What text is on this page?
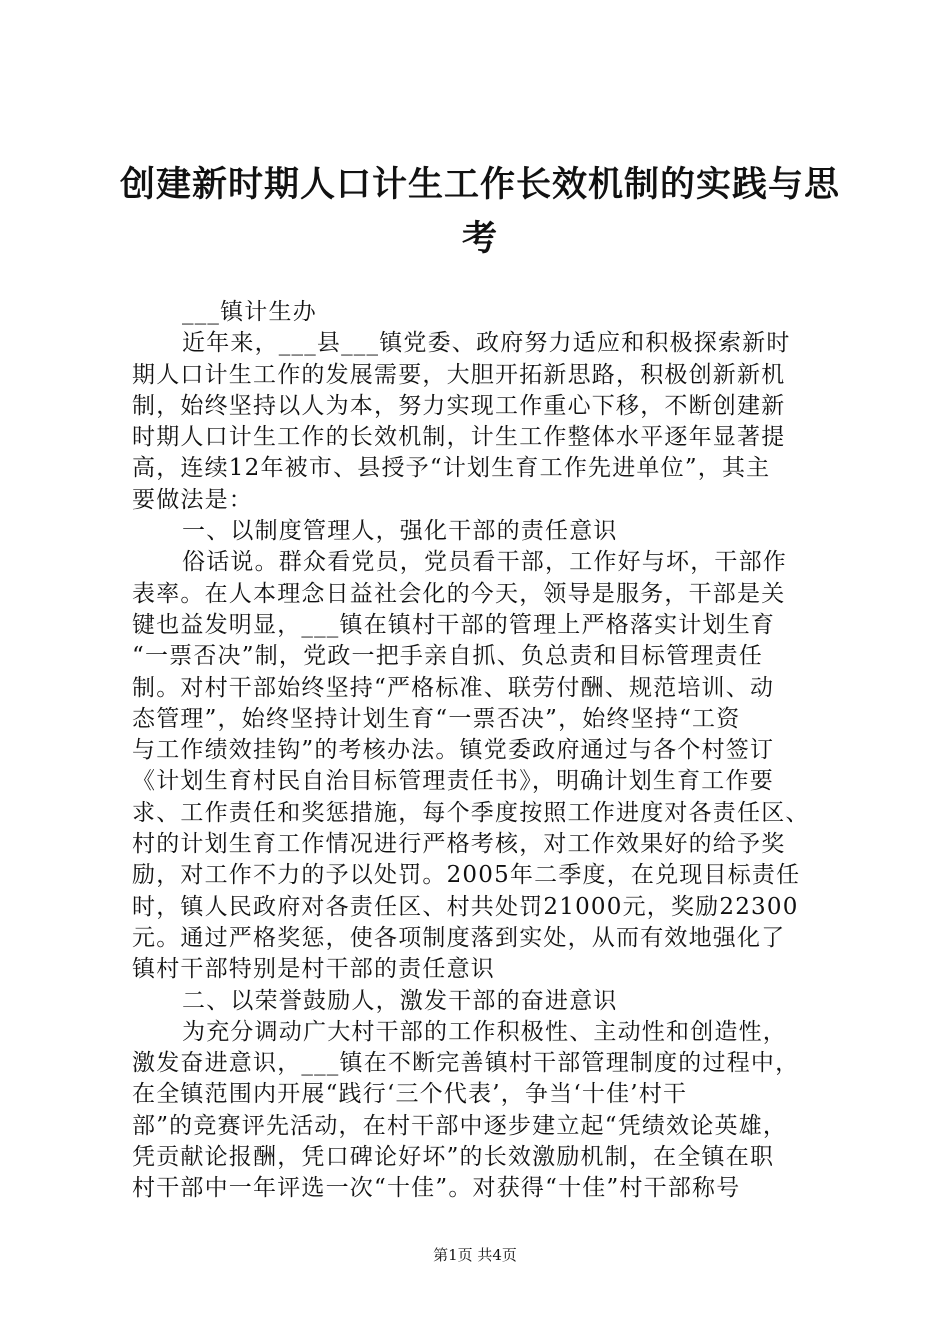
创建新时期人口计生工作长效机制的实践与思
考
___镇计生办
近年来，___县___镇党委、政府努力适应和积极探索新时
期人口计生工作的发展需要，大胆开拓新思路，积极创新新机
制，始终坚持以人为本，努力实现工作重心下移，不断创建新
时期人口计生工作的长效机制，计生工作整体水平逐年显著提
高，连续12年被市、县授予“计划生育工作先进单位”，其主
要做法是：
一、以制度管理人，强化干部的责任意识
俗话说。群众看党员，党员看干部，工作好与坏，干部作
表率。在人本理念日益社会化的今天，领导是服务，干部是关
键也益发明显，___镇在镇村干部的管理上严格落实计划生育
“一票否决”制，党政一把手亲自抓、负总责和目标管理责任
制。对村干部始终坚持“严格标准、联劳付酬、规范培训、动
态管理”，始终坚持计划生育“一票否决”，始终坚持“工资
与工作绩效挂钩”的考核办法。镇党委政府通过与各个村签订
《计划生育村民自治目标管理责任书》，明确计划生育工作要
求、工作责任和奖惩措施，每个季度按照工作进度对各责任区、
村的计划生育工作情况进行严格考核，对工作效果好的给予奖
励，对工作不力的予以处罚。2005年二季度，在兑现目标责任
时，镇人民政府对各责任区、村共处罚21000元，奖励22300
元。通过严格奖惩，使各项制度落到实处，从而有效地强化了
镇村干部特别是村干部的责任意识
二、以荣誉鼓励人，激发干部的奋进意识
为充分调动广大村干部的工作积极性、主动性和创造性，
激发奋进意识，___镇在不断完善镇村干部管理制度的过程中，
在全镇范围内开展“践行‘三个代表’，争当‘十佳’村干
部”的竞赛评先活动，在村干部中逐步建立起“凭绩效论英雄，
凭贡献论报酬，凭口碑论好坏”的长效激励机制，在全镇在职
村干部中一年评选一次“十佳”。对获得“十佳”村干部称号
第1页 共4页
